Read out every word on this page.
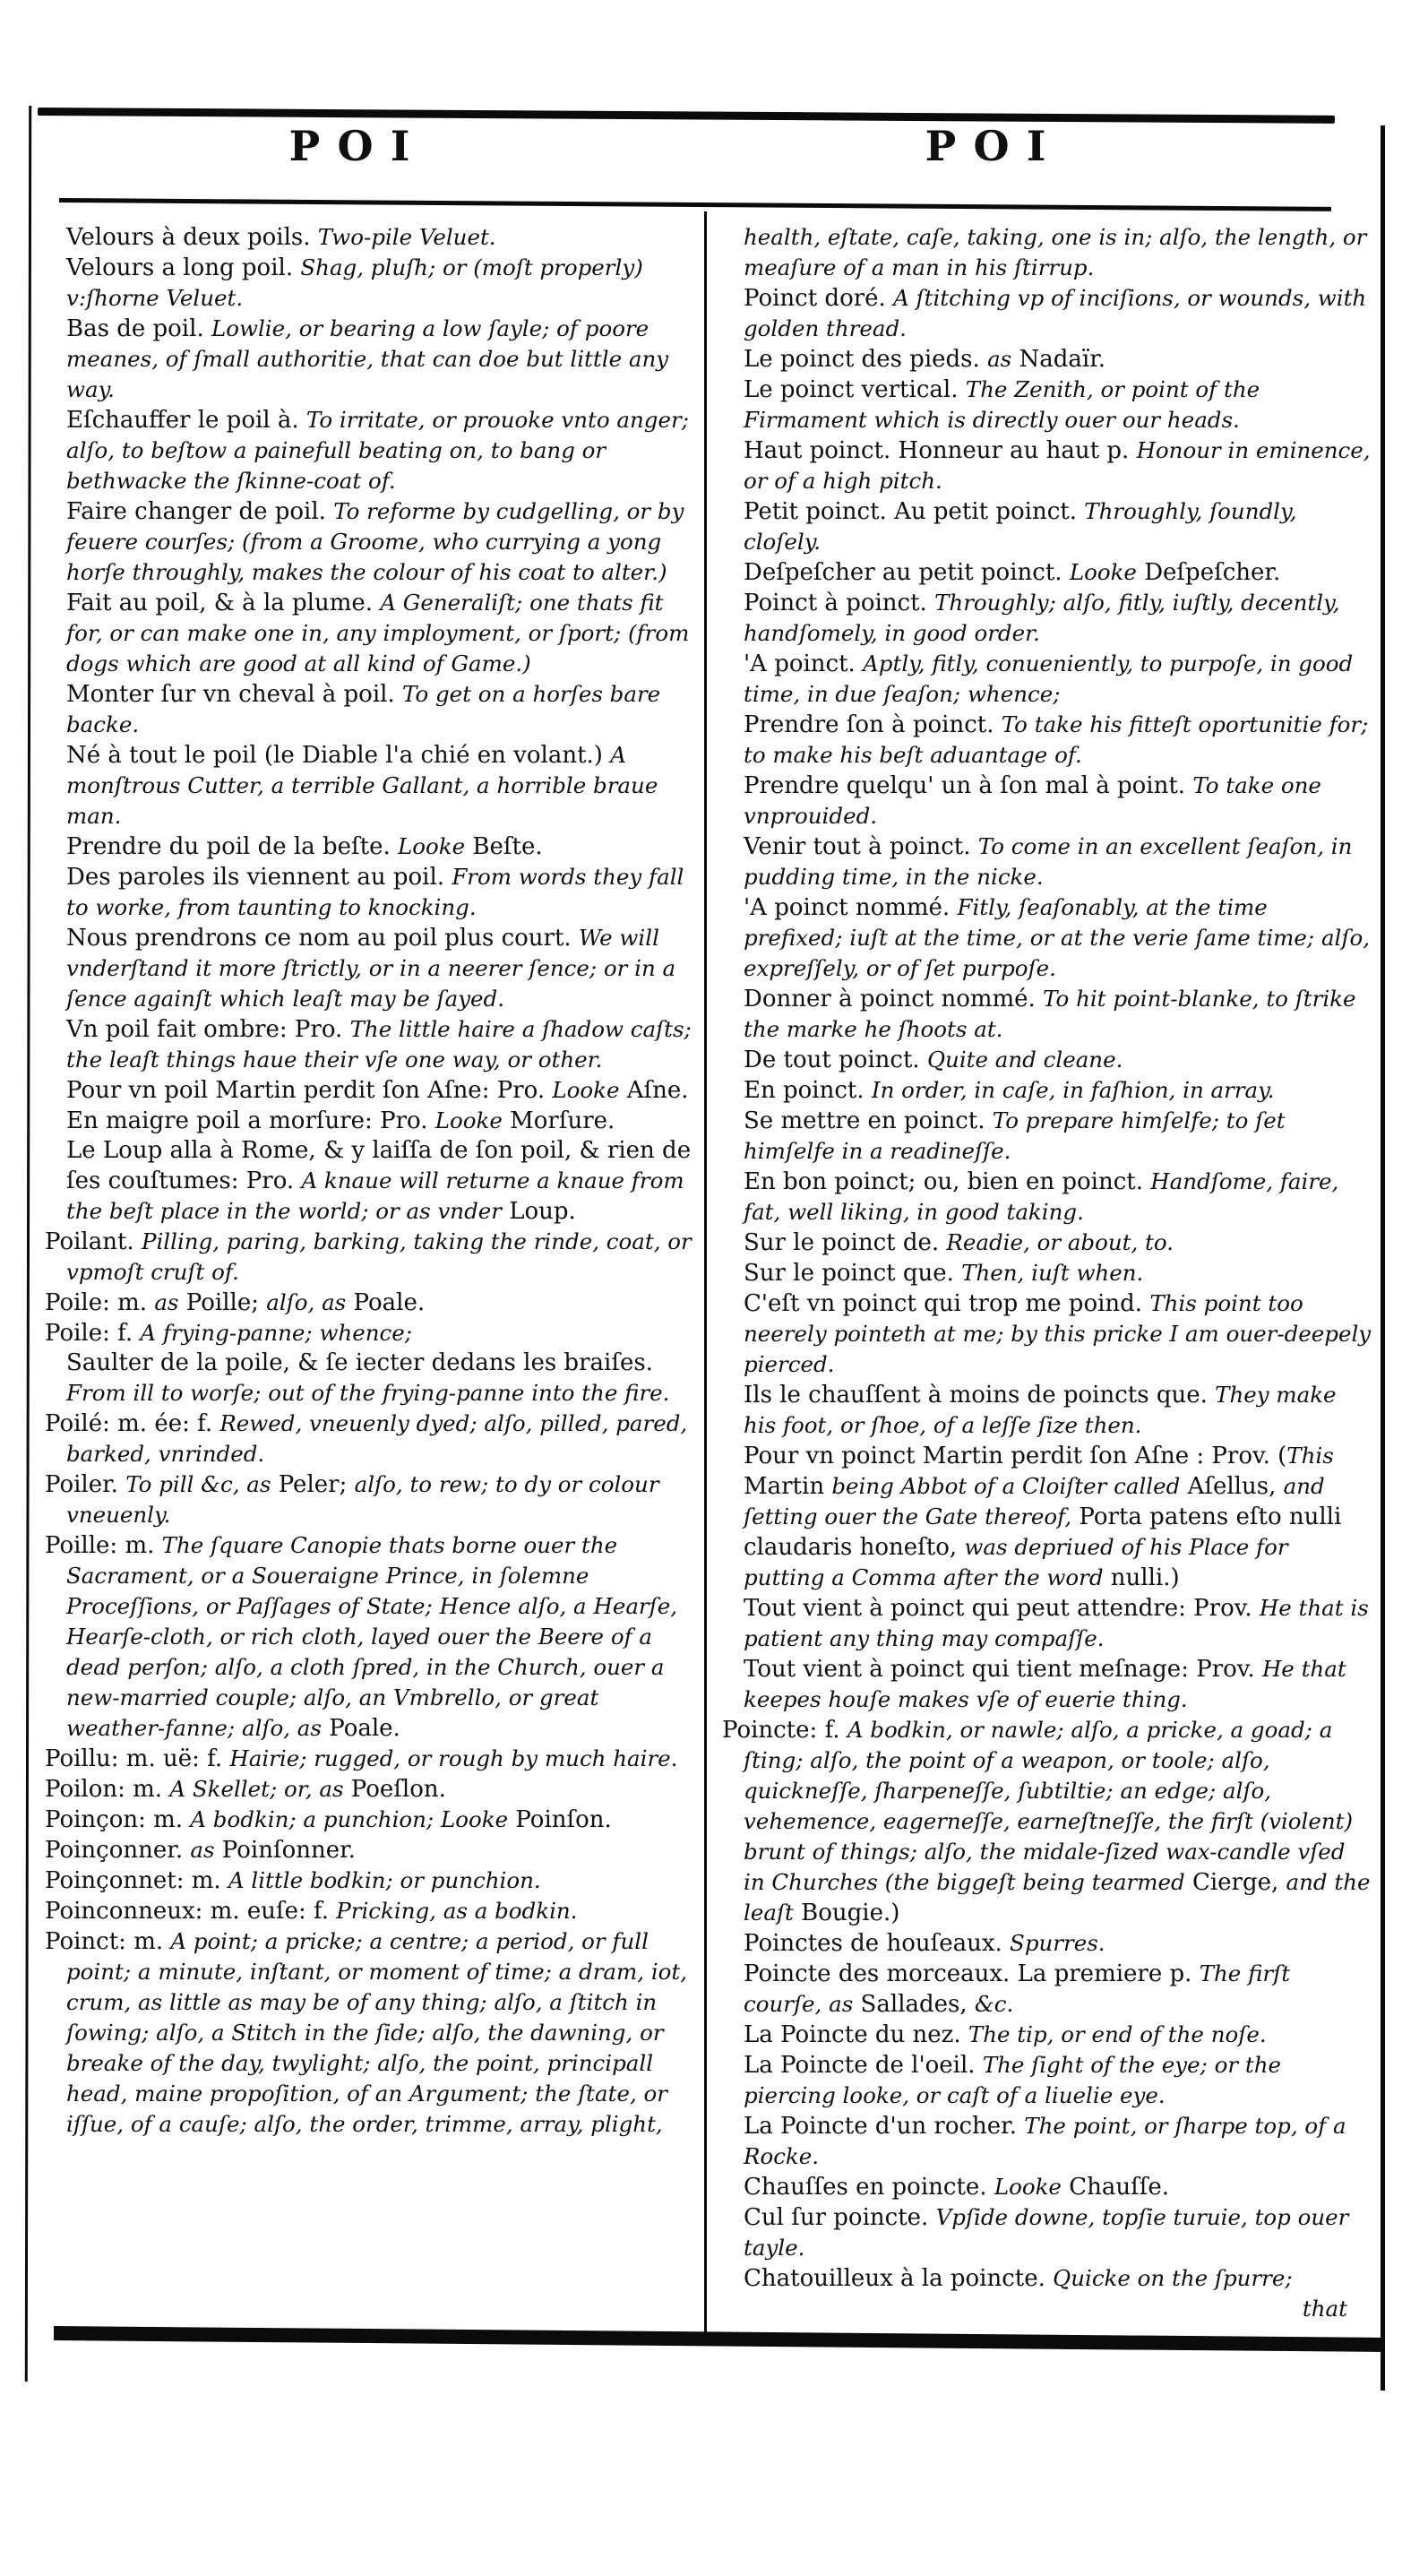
POI	POI

Velours à deux poils. Two-pile Veluet.

Velours a long poil. Shag, pluſh; or (moſt properly) v:ſhorne Veluet.

Bas de poil. Lowlie, or bearing a low ſayle; of poore meanes, of ſmall authoritie, that can doe but little any way.

Eſchauffer le poil à. To irritate, or prouoke vnto anger; alſo, to beſtow a painefull beating on, to bang or bethwacke the ſkinne-coat of.

Faire changer de poil. To reforme by cudgelling, or by feuere courſes; (from a Groome, who currying a yong horſe throughly, makes the colour of his coat to alter.)

Fait au poil, & à la plume. A Generaliſt; one thats fit for, or can make one in, any imployment, or ſport; (from dogs which are good at all kind of Game.)

Monter ſur vn cheval à poil. To get on a horſes bare backe.

Né à tout le poil (le Diable l'a chié en volant.) A monſtrous Cutter, a terrible Gallant, a horrible braue man.

Prendre du poil de la beſte. Looke Beſte.

Des paroles ils viennent au poil. From words they fall to worke, from taunting to knocking.

Nous prendrons ce nom au poil plus court. We will vnderſtand it more ſtrictly, or in a neerer ſence; or in a ſence againſt which leaſt may be ſayed.

Vn poil fait ombre: Pro. The little haire a ſhadow caſts; the leaſt things haue their vſe one way, or other.

Pour vn poil Martin perdit ſon Aſne: Pro. Looke Aſne.

En maigre poil a morſure: Pro. Looke Morſure.

Le Loup alla à Rome, & y laiſſa de ſon poil, & rien de ſes couſtumes: Pro. A knaue will returne a knaue from the beſt place in the world; or as vnder Loup.

Poilant. Pilling, paring, barking, taking the rinde, coat, or vpmoſt cruſt of.

Poile: m. as Poille; alſo, as Poale.

Poile: f. A frying-panne; whence;

Saulter de la poile, & ſe iecter dedans les braiſes. From ill to worſe; out of the frying-panne into the fire.

Poilé: m. ée: f. Rewed, vneuenly dyed; alſo, pilled, pared, barked, vnrinded.

Poiler. To pill &c, as Peler; alſo, to rew; to dy or colour vneuenly.

Poille: m. The ſquare Canopie thats borne ouer the Sacrament, or a Soueraigne Prince, in ſolemne Proceſſions, or Paſſages of State; Hence alſo, a Hearſe, Hearſe-cloth, or rich cloth, layed ouer the Beere of a dead perſon; alſo, a cloth ſpred, in the Church, ouer a new-married couple; alſo, an Vmbrello, or great weather-fanne; alſo, as Poale.

Poillu: m. uë: f. Hairie; rugged, or rough by much haire.

Poilon: m. A Skellet; or, as Poeſlon.

Poinçon: m. A bodkin; a punchion; Looke Poinſon.

Poinçonner. as Poinſonner.

Poinçonnet: m. A little bodkin; or punchion.

Poinconneux: m. euſe: f. Pricking, as a bodkin.

Poinct: m. A point; a pricke; a centre; a period, or full point; a minute, inſtant, or moment of time; a dram, iot, crum, as little as may be of any thing; alſo, a ſtitch in ſowing; alſo, a Stitch in the ſide; alſo, the dawning, or breake of the day, twylight; alſo, the point, principall head, maine propoſition, of an Argument; the ſtate, or iſſue, of a cauſe; alſo, the order, trimme, array, plight,

health, eſtate, caſe, taking, one is in; alſo, the length, or meaſure of a man in his ſtirrup.

Poinct doré. A ſtitching vp of inciſions, or wounds, with golden thread.

Le poinct des pieds. as Nadaïr.

Le poinct vertical. The Zenith, or point of the Firmament which is directly ouer our heads.

Haut poinct. Honneur au haut p. Honour in eminence, or of a high pitch.

Petit poinct. Au petit poinct. Throughly, ſoundly, cloſely.

Deſpeſcher au petit poinct. Looke Deſpeſcher.

Poinct à poinct. Throughly; alſo, fitly, iuſtly, decently, handſomely, in good order.

'A poinct. Aptly, fitly, conueniently, to purpoſe, in good time, in due ſeaſon; whence;

Prendre ſon à poinct. To take his fitteſt oportunitie for; to make his beſt aduantage of.

Prendre quelqu' un à ſon mal à point. To take one vnprouided.

Venir tout à poinct. To come in an excellent ſeaſon, in pudding time, in the nicke.

'A poinct nommé. Fitly, ſeaſonably, at the time prefixed; iuſt at the time, or at the verie ſame time; alſo, expreſſely, or of ſet purpoſe.

Donner à poinct nommé. To hit point-blanke, to ſtrike the marke he ſhoots at.

De tout poinct. Quite and cleane.

En poinct. In order, in caſe, in faſhion, in array.

Se mettre en poinct. To prepare himſelfe; to ſet himſelfe in a readineſſe.

En bon poinct; ou, bien en poinct. Handſome, faire, fat, well liking, in good taking.

Sur le poinct de. Readie, or about, to.

Sur le poinct que. Then, iuſt when.

C'eſt vn poinct qui trop me poind. This point too neerely pointeth at me; by this pricke I am ouer-deepely pierced.

Ils le chauſſent à moins de poincts que. They make his foot, or ſhoe, of a leſſe ſize then.

Pour vn poinct Martin perdit ſon Aſne : Prov. (This Martin being Abbot of a Cloiſter called Aſellus, and ſetting ouer the Gate thereof, Porta patens eſto nulli claudaris honeſto, was depriued of his Place for putting a Comma after the word nulli.)

Tout vient à poinct qui peut attendre: Prov. He that is patient any thing may compaſſe.

Tout vient à poinct qui tient meſnage: Prov. He that keepes houſe makes vſe of euerie thing.

Poincte: f. A bodkin, or nawle; alſo, a pricke, a goad; a ſting; alſo, the point of a weapon, or toole; alſo, quickneſſe, ſharpeneſſe, ſubtiltie; an edge; alſo, vehemence, eagerneſſe, earneſtneſſe, the firſt (violent) brunt of things; alſo, the midale-ſized wax-candle vſed in Churches (the biggeſt being tearmed Cierge, and the leaſt Bougie.)

Poinctes de houſeaux. Spurres.

Poincte des morceaux. La premiere p. The firſt courſe, as Sallades, &c.

La Poincte du nez. The tip, or end of the noſe.

La Poincte de l'oeil. The ſight of the eye; or the piercing looke, or caſt of a liuelie eye.

La Poincte d'un rocher. The point, or ſharpe top, of a Rocke.

Chauſſes en poincte. Looke Chauſſe.

Cul ſur poincte. Vpſide downe, topſie turuie, top ouer tayle.

Chatouilleux à la poincte. Quicke on the ſpurre;

that
